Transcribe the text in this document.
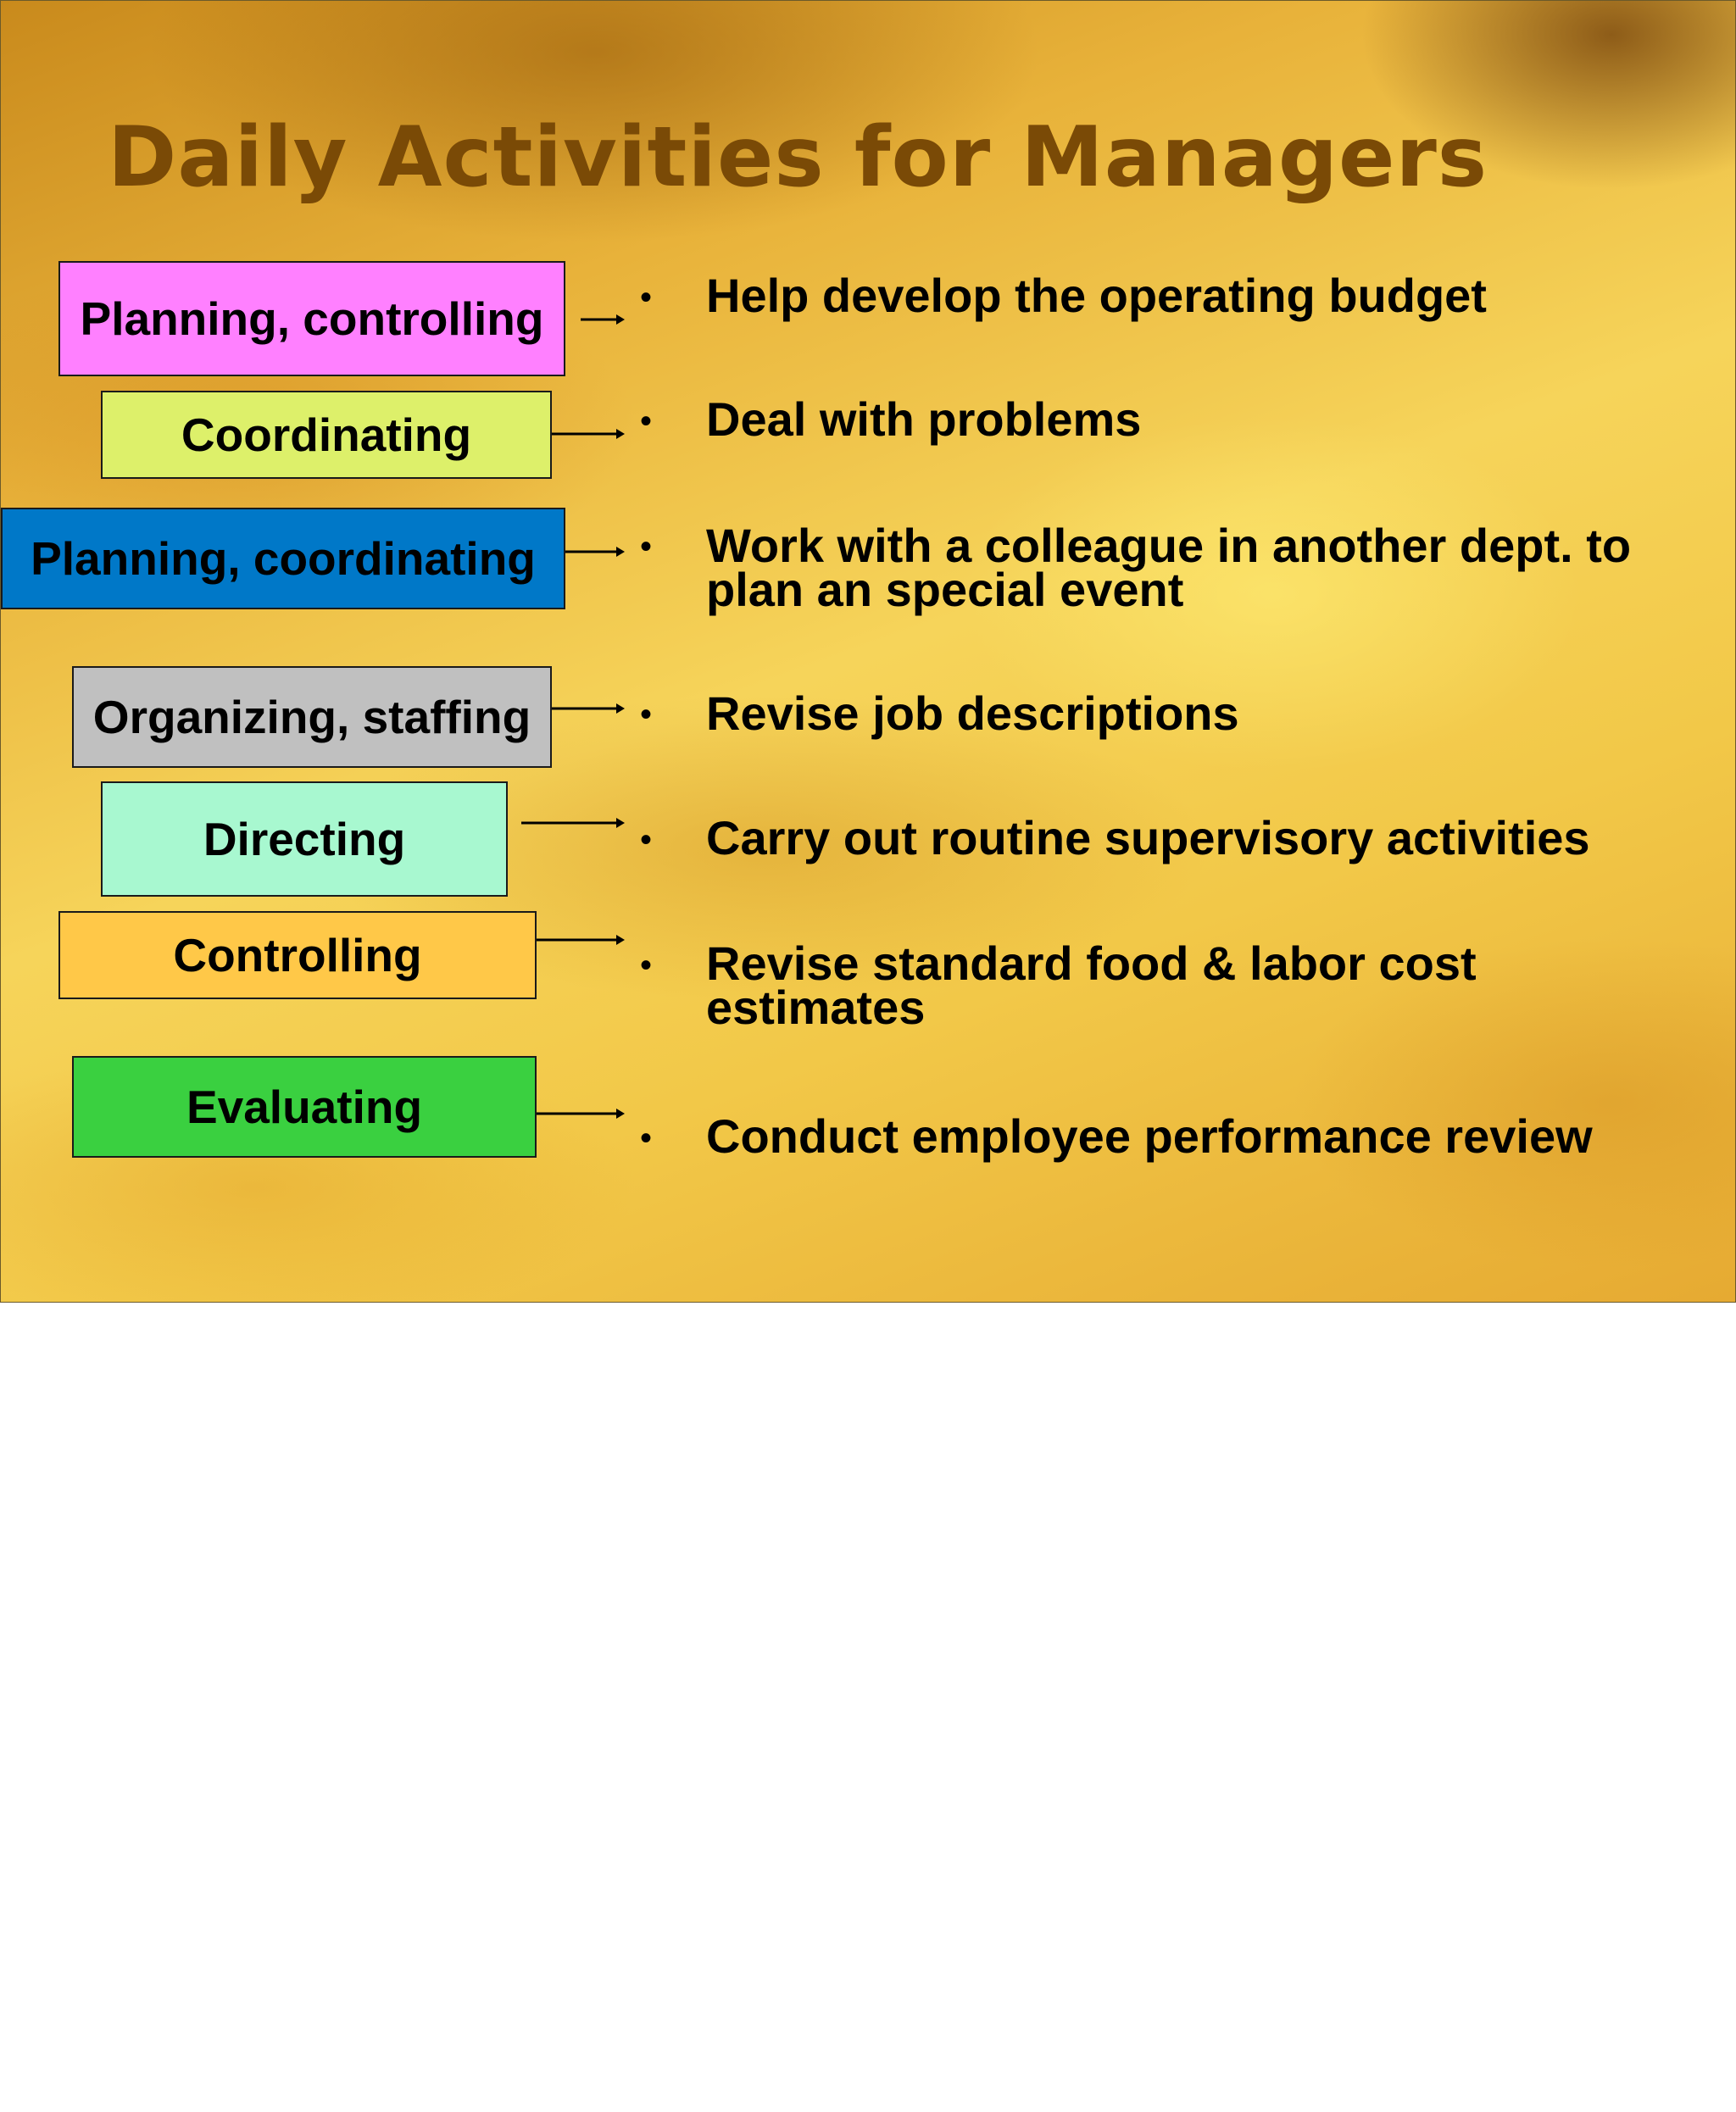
Daily Activities for Managers
Planning, controlling	• Help develop the operating budget
Coordinating	• Deal with problems
Planning, coordinating	• Work with a colleague in another dept. to plan an special event
Organizing, staffing	• Revise job descriptions
Directing	• Carry out routine supervisory activities
Controlling	• Revise standard food & labor cost estimates
Evaluating
• Conduct employee performance review
